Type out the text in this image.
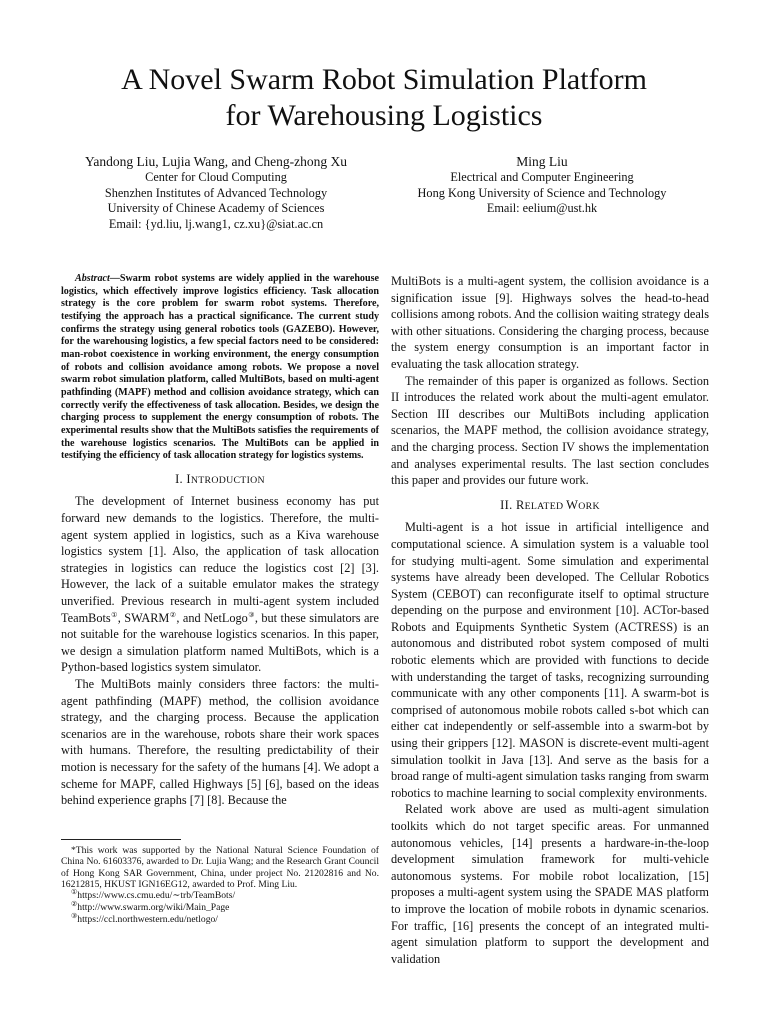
A Novel Swarm Robot Simulation Platform
for Warehousing Logistics
Yandong Liu, Lujia Wang, and Cheng-zhong Xu
Center for Cloud Computing
Shenzhen Institutes of Advanced Technology
University of Chinese Academy of Sciences
Email: {yd.liu, lj.wang1, cz.xu}@siat.ac.cn
Ming Liu
Electrical and Computer Engineering
Hong Kong University of Science and Technology
Email: eelium@ust.hk
Abstract—Swarm robot systems are widely applied in the warehouse logistics, which effectively improve logistics efficiency. Task allocation strategy is the core problem for swarm robot systems. Therefore, testifying the approach has a practical significance. The current study confirms the strategy using general robotics tools (GAZEBO). However, for the warehousing logistics, a few special factors need to be considered: man-robot coexistence in working environment, the energy consumption of robots and collision avoidance among robots. We propose a novel swarm robot simulation platform, called MultiBots, based on multi-agent pathfinding (MAPF) method and collision avoidance strategy, which can correctly verify the effectiveness of task allocation. Besides, we design the charging process to supplement the energy consumption of robots. The experimental results show that the MultiBots satisfies the requirements of the warehouse logistics scenarios. The MultiBots can be applied in testifying the efficiency of task allocation strategy for logistics systems.
I. INTRODUCTION

The development of Internet business economy has put forward new demands to the logistics. Therefore, the multi-agent system applied in logistics, such as a Kiva warehouse logistics system [1]. Also, the application of task allocation strategies in logistics can reduce the logistics cost [2] [3]. However, the lack of a suitable emulator makes the strategy unverified. Previous research in multi-agent system included TeamBots①, SWARM②, and NetLogo③, but these simulators are not suitable for the warehouse logistics scenarios. In this paper, we design a simulation platform named MultiBots, which is a Python-based logistics system simulator.

The MultiBots mainly considers three factors: the multi-agent pathfinding (MAPF) method, the collision avoidance strategy, and the charging process. Because the application scenarios are in the warehouse, robots share their work spaces with humans. Therefore, the resulting predictability of their motion is necessary for the safety of the humans [4]. We adopt a scheme for MAPF, called Highways [5] [6], based on the ideas behind experience graphs [7] [8]. Because the

*This work was supported by the National Natural Science Foundation of China No. 61603376, awarded to Dr. Lujia Wang; and the Research Grant Council of Hong Kong SAR Government, China, under project No. 21202816 and No. 16212815, HKUST IGN16EG12, awarded to Prof. Ming Liu.
①https://www.cs.cmu.edu/∼trb/TeamBots/
②http://www.swarm.org/wiki/Main_Page
③https://ccl.northwestern.edu/netlogo/

MultiBots is a multi-agent system, the collision avoidance is a signification issue [9]. Highways solves the head-to-head collisions among robots. And the collision waiting strategy deals with other situations. Considering the charging process, because the system energy consumption is an important factor in evaluating the task allocation strategy.

The remainder of this paper is organized as follows. Section II introduces the related work about the multi-agent emulator. Section III describes our MultiBots including application scenarios, the MAPF method, the collision avoidance strategy, and the charging process. Section IV shows the implementation and analyses experimental results. The last section concludes this paper and provides our future work.

II. RELATED WORK

Multi-agent is a hot issue in artificial intelligence and computational science. A simulation system is a valuable tool for studying multi-agent. Some simulation and experimental systems have already been developed. The Cellular Robotics System (CEBOT) can reconfigurate itself to optimal structure depending on the purpose and environment [10]. ACTor-based Robots and Equipments Synthetic System (ACTRESS) is an autonomous and distributed robot system composed of multi robotic elements which are provided with functions to decide with understanding the target of tasks, recognizing surrounding communicate with any other components [11]. A swarm-bot is comprised of autonomous mobile robots called s-bot which can either cat independently or self-assemble into a swarm-bot by using their grippers [12]. MASON is discrete-event multi-agent simulation toolkit in Java [13]. And serve as the basis for a broad range of multi-agent simulation tasks ranging from swarm robotics to machine learning to social complexity environments.

Related work above are used as multi-agent simulation toolkits which do not target specific areas. For unmanned autonomous vehicles, [14] presents a hardware-in-the-loop development simulation framework for multi-vehicle autonomous systems. For mobile robot localization, [15] proposes a multi-agent system using the SPADE MAS platform to improve the location of mobile robots in dynamic scenarios. For traffic, [16] presents the concept of an integrated multi-agent simulation platform to support the development and validation
